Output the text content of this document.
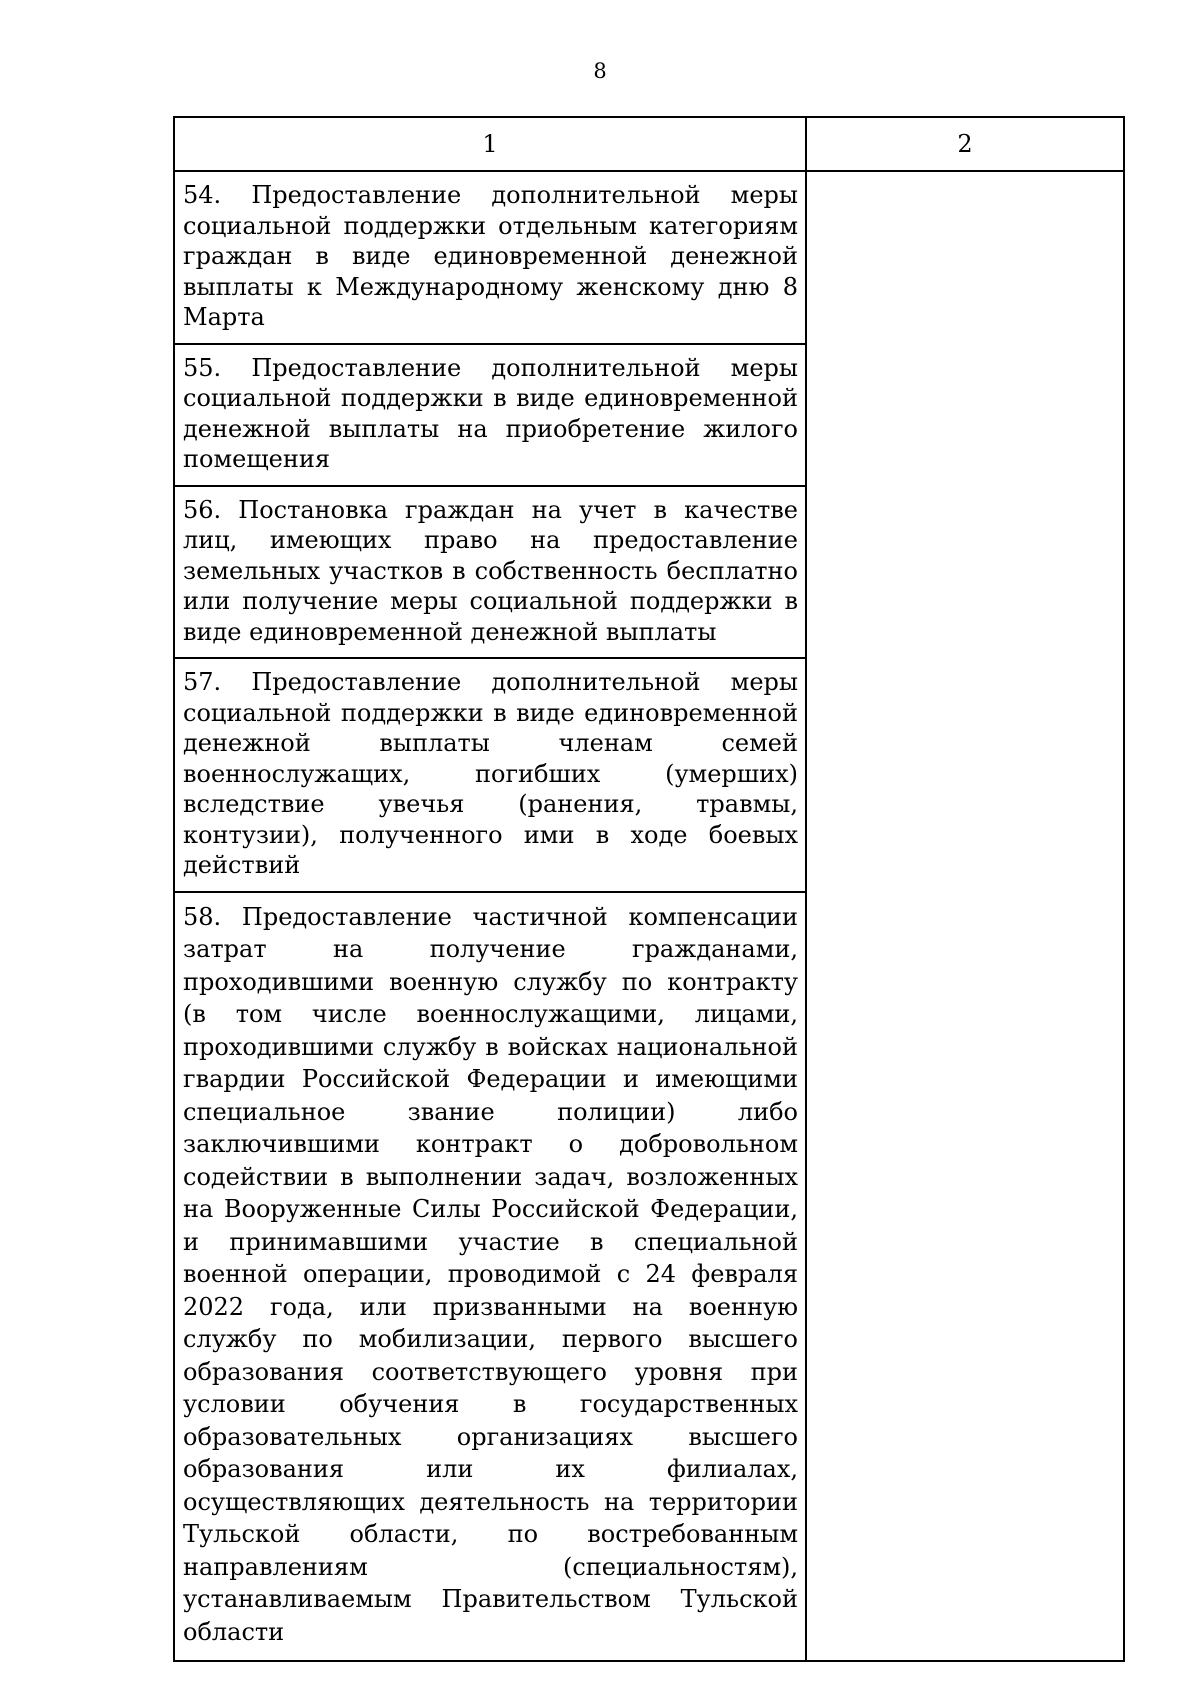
8
1	2

54. Предоставление дополнительной меры социальной поддержки отдельным категориям граждан в виде единовременной денежной выплаты к Международному женскому дню 8 Марта	

55. Предоставление дополнительной меры социальной поддержки в виде единовременной денежной выплаты на приобретение жилого помещения	

56. Постановка граждан на учет в качестве лиц, имеющих право на предоставление земельных участков в собственность бесплатно или получение меры социальной поддержки в виде единовременной денежной выплаты	

57. Предоставление дополнительной меры социальной поддержки в виде единовременной денежной выплаты членам семей военнослужащих, погибших (умерших) вследствие увечья (ранения, травмы, контузии), полученного ими в ходе боевых действий	

58. Предоставление частичной компенсации затрат на получение гражданами, проходившими военную службу по контракту (в том числе военнослужащими, лицами, проходившими службу в войсках национальной гвардии Российской Федерации и имеющими специальное звание полиции) либо заключившими контракт о добровольном содействии в выполнении задач, возложенных на Вооруженные Силы Российской Федерации, и принимавшими участие в специальной военной операции, проводимой с 24 февраля 2022 года, или призванными на военную службу по мобилизации, первого высшего образования соответствующего уровня при условии обучения в государственных образовательных организациях высшего образования или их филиалах, осуществляющих деятельность на территории Тульской области, по востребованным направлениям (специальностям), устанавливаемым Правительством Тульской области	
